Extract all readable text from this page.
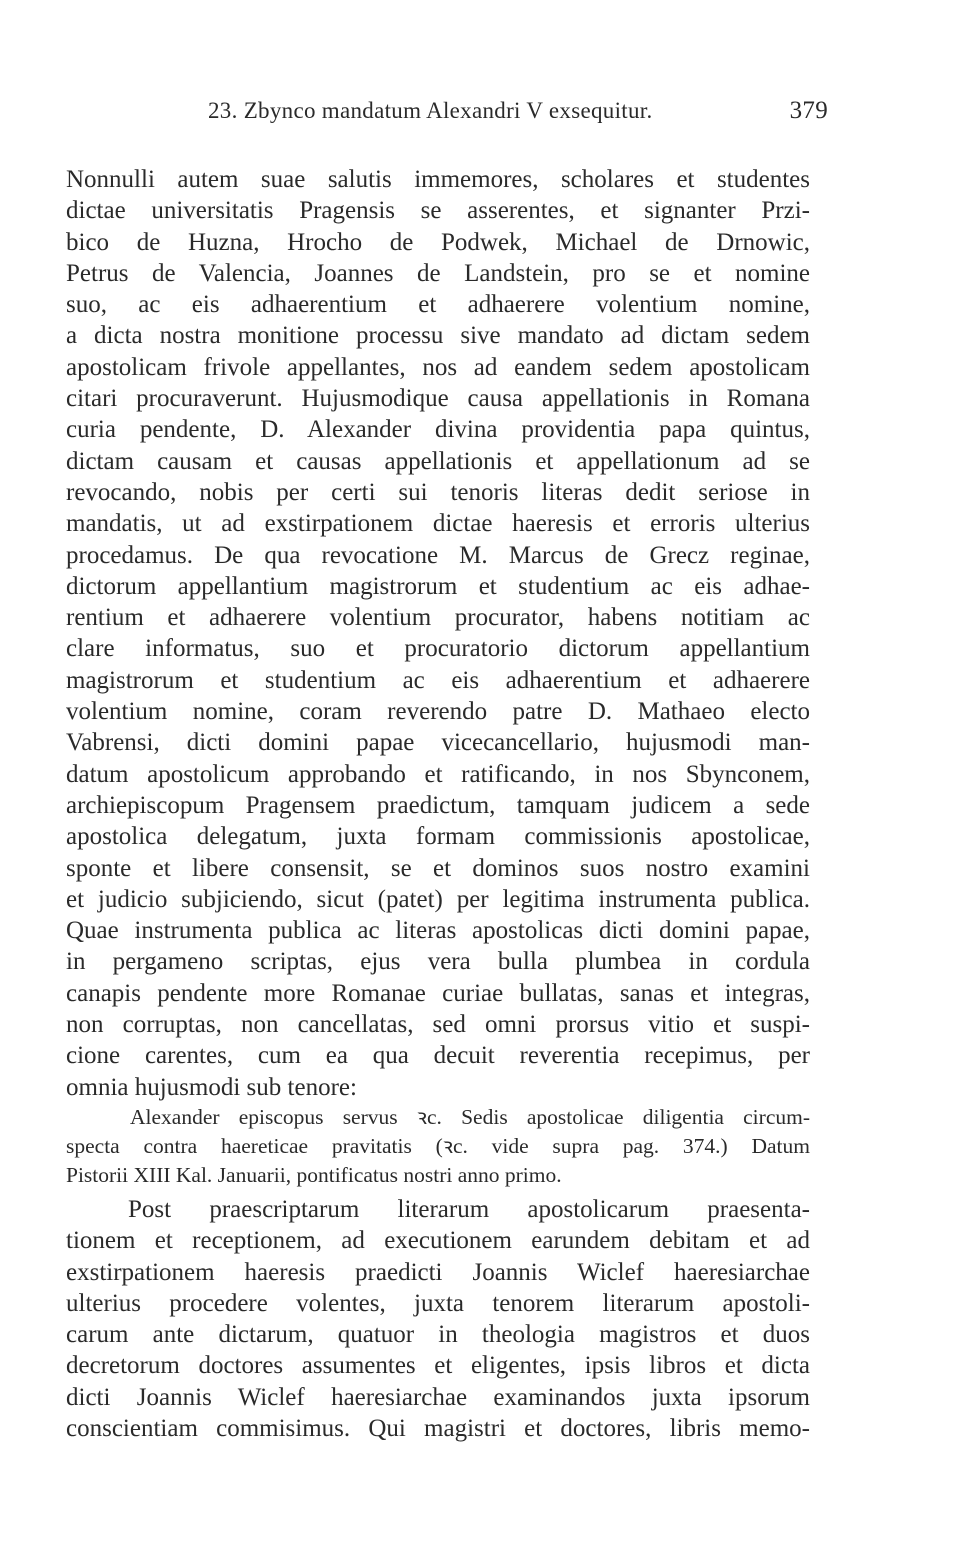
23. Zbynco mandatum Alexandri V exsequitur.	379
Nonnulli autem suae salutis immemores, scholares et studentes
dictae universitatis Pragensis se asserentes, et signanter Przi-
bico de Huzna, Hrocho de Podwek, Michael de Drnowic,
Petrus de Valencia, Joannes de Landstein, pro se et nomine
suo, ac eis adhaerentium et adhaerere volentium nomine,
a dicta nostra monitione processu sive mandato ad dictam sedem
apostolicam frivole appellantes, nos ad eandem sedem apostolicam
citari procuraverunt. Hujusmodique causa appellationis in Romana
curia pendente, D. Alexander divina providentia papa quintus,
dictam causam et causas appellationis et appellationum ad se
revocando, nobis per certi sui tenoris literas dedit seriose in
mandatis, ut ad exstirpationem dictae haeresis et erroris ulterius
procedamus. De qua revocatione M. Marcus de Grecz reginae,
dictorum appellantium magistrorum et studentium ac eis adhae-
rentium et adhaerere volentium procurator, habens notitiam ac
clare informatus, suo et procuratorio dictorum appellantium
magistrorum et studentium ac eis adhaerentium et adhaerere
volentium nomine, coram reverendo patre D. Mathaeo electo
Vabrensi, dicti domini papae vicecancellario, hujusmodi man-
datum apostolicum approbando et ratificando, in nos Sbynconem,
archiepiscopum Pragensem praedictum, tamquam judicem a sede
apostolica delegatum, juxta formam commissionis apostolicae,
sponte et libere consensit, se et dominos suos nostro examini
et judicio subjiciendo, sicut (patet) per legitima instrumenta publica.
Quae instrumenta publica ac literas apostolicas dicti domini papae,
in pergameno scriptas, ejus vera bulla plumbea in cordula
canapis pendente more Romanae curiae bullatas, sanas et integras,
non corruptas, non cancellatas, sed omni prorsus vitio et suspi-
cione carentes, cum ea qua decuit reverentia recepimus, per
omnia hujusmodi sub tenore:
Alexander episcopus servus ꝛc. Sedis apostolicae diligentia circum-
specta contra haereticae pravitatis (ꝛc. vide supra pag. 374.) Datum
Pistorii XIII Kal. Januarii, pontificatus nostri anno primo.
Post praescriptarum literarum apostolicarum praesenta-
tionem et receptionem, ad executionem earundem debitam et ad
exstirpationem haeresis praedicti Joannis Wiclef haeresiarchae
ulterius procedere volentes, juxta tenorem literarum apostoli-
carum ante dictarum, quatuor in theologia magistros et duos
decretorum doctores assumentes et eligentes, ipsis libros et dicta
dicti Joannis Wiclef haeresiarchae examinandos juxta ipsorum
conscientiam commisimus. Qui magistri et doctores, libris memo-
